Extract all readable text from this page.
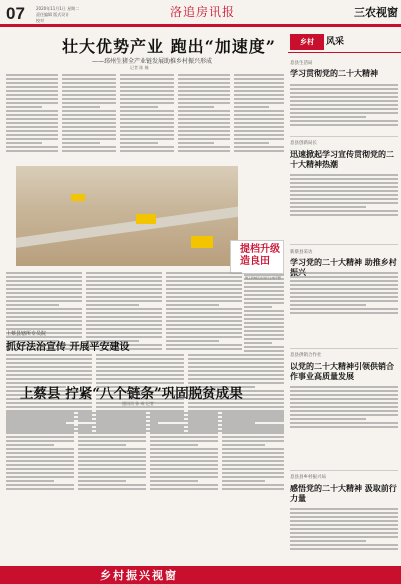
07	2020年11月1日 星期二
责任编辑 版式设计
校对
洛追房讯报	三农视窗
壮大优势产业 跑出“加速度”
——邳州生猪全产业链发展助推乡村振兴形成
记者 陈 楠
提档升级
造良田
上蔡县辖所专员院
抓好法治宣传 开展平安建设
上蔡县 拧紧“八个链条”巩固脱贫成果
通讯员 孙 成 记者
乡村	风采
息县生活局
学习贯彻党的二十大精神
息县创新局长
迅速掀起学习宣传贯彻党的二十大精神热潮
新蔡县采访
学习党的二十大精神 助推乡村
息县供销合作社
以党的二十大精神引领供销合作事业高质量发展
息县县乡村振兴局
感悟党的二十大精神 汲取前行力量
乡村振兴视窗
